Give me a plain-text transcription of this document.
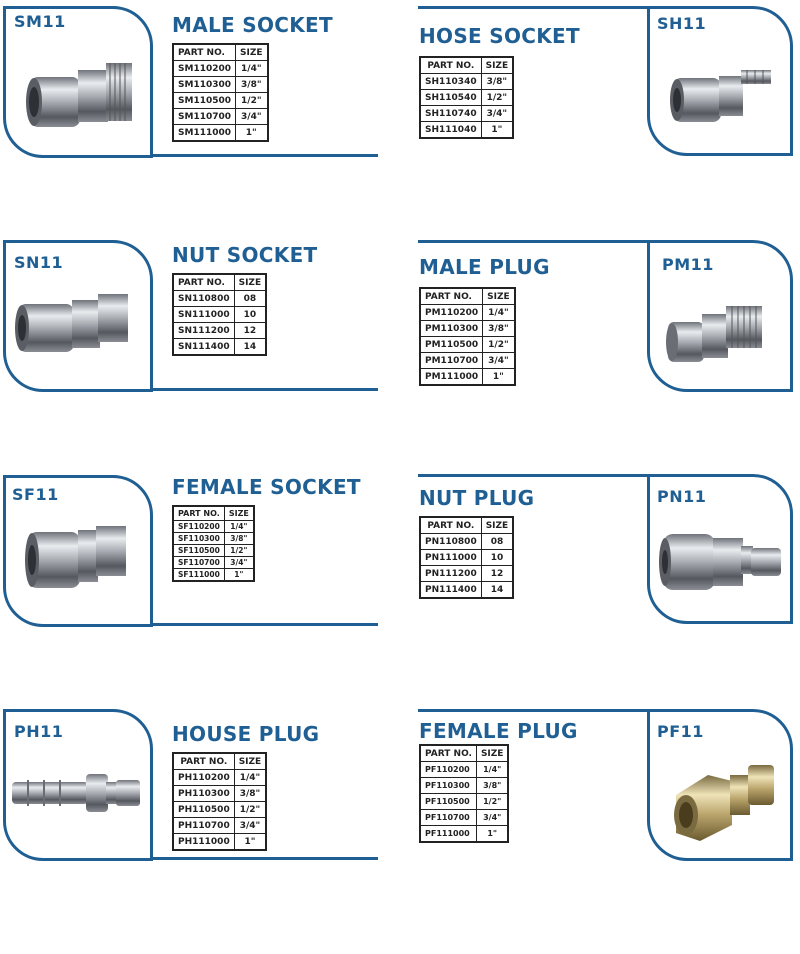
SM11	MALE SOCKET
PART NO.	SIZE
SM110200	1/4"
SM110300	3/8"
SM110500	1/2"
SM110700	3/4"
SM111000	1"
SH11
HOSE SOCKET
PART NO.	SIZE
SH110340	3/8"
SH110540	1/2"
SH110740	3/4"
SH111040	1"
SN11	NUT SOCKET
PART NO.	SIZE
SN110800	08
SN111000	10
SN111200	12
SN111400	14
PM11
MALE PLUG
PART NO.	SIZE
PM110200	1/4"
PM110300	3/8"
PM110500	1/2"
PM110700	3/4"
PM111000	1"
SF11	FEMALE SOCKET
PART NO.	SIZE
SF110200	1/4"
SF110300	3/8"
SF110500	1/2"
SF110700	3/4"
SF111000	1"
PN11
NUT PLUG
PART NO.	SIZE
PN110800	08
PN111000	10
PN111200	12
PN111400	14
PH11	HOUSE PLUG
PART NO.	SIZE
PH110200	1/4"
PH110300	3/8"
PH110500	1/2"
PH110700	3/4"
PH111000	1"
PF11
FEMALE PLUG
PART NO.	SIZE
PF110200	1/4"
PF110300	3/8"
PF110500	1/2"
PF110700	3/4"
PF111000	1"
